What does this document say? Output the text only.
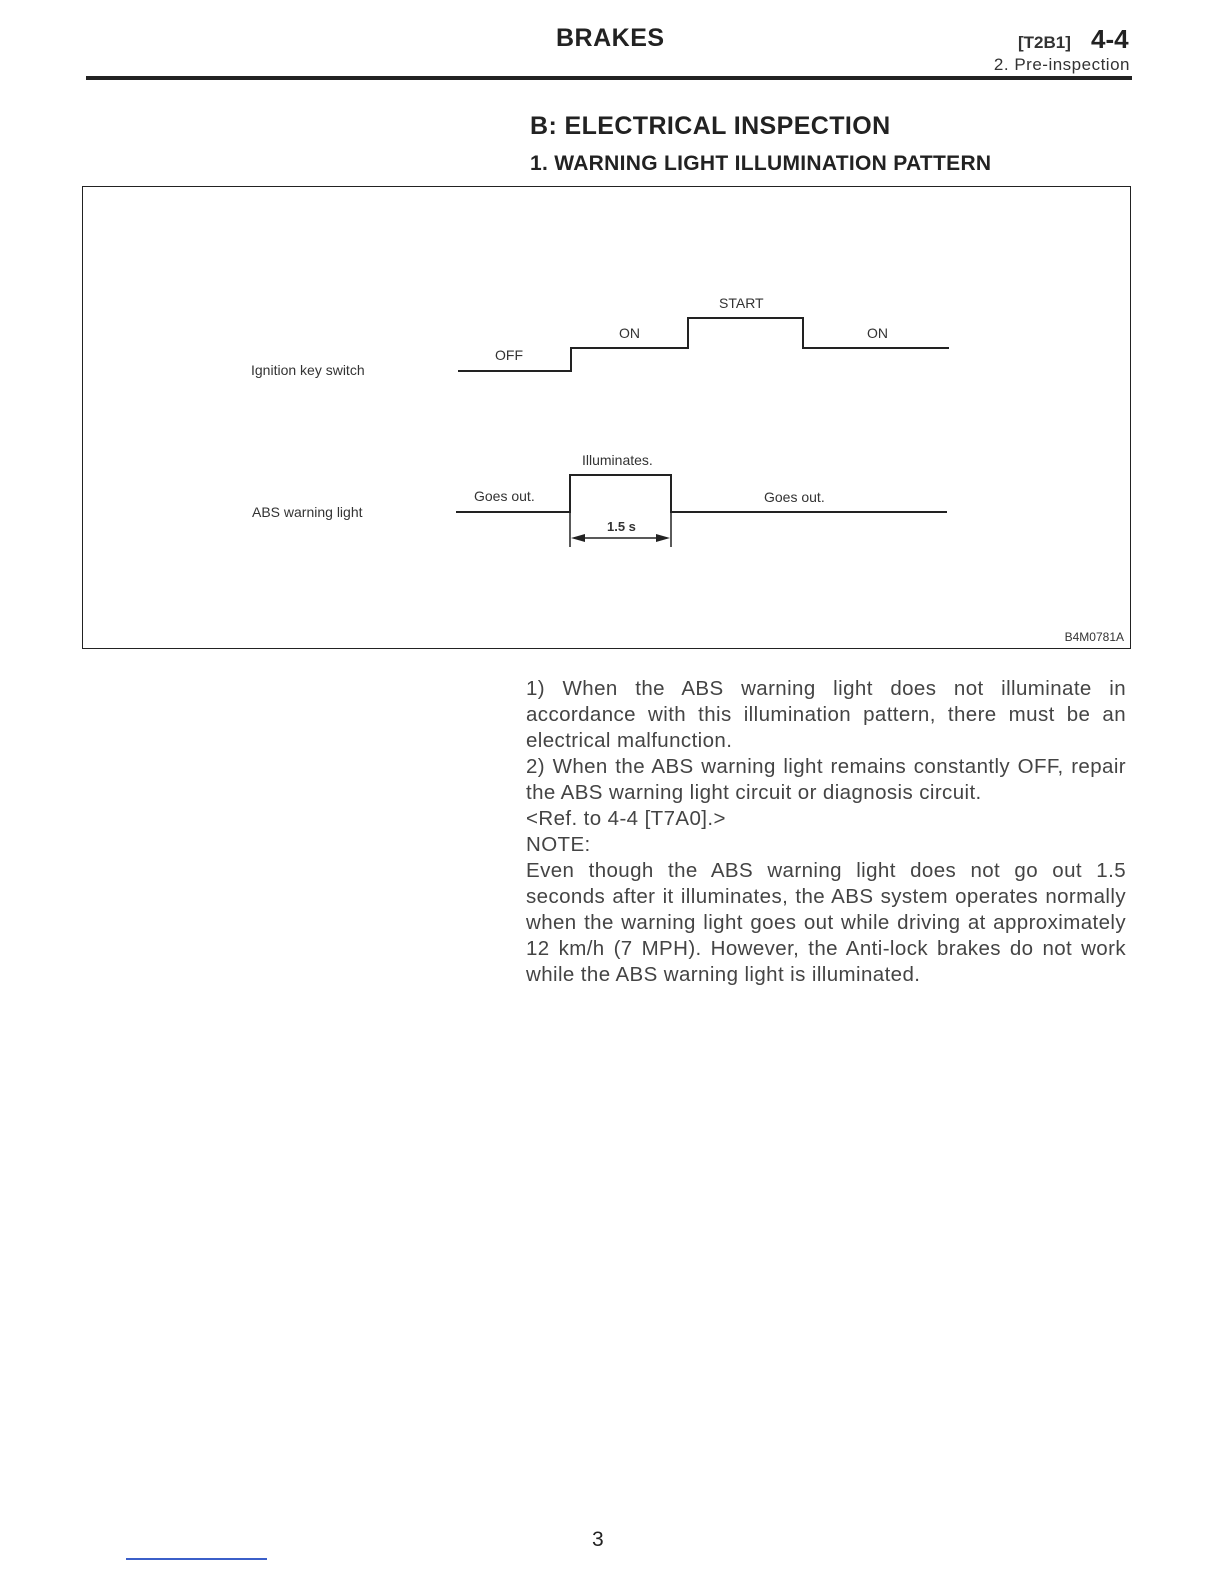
BRAKES	[T2B1] 4-4
2. Pre-inspection
B: ELECTRICAL INSPECTION
1. WARNING LIGHT ILLUMINATION PATTERN
Ignition key switch
OFF
ON
START
ON
ABS warning light
Illuminates.
Goes out.	Goes out.
1.5 s
B4M0781A

1) When the ABS warning light does not illuminate in accordance with this illumination pattern, there must be an electrical malfunction.

2) When the ABS warning light remains constantly OFF, repair the ABS warning light circuit or diagnosis circuit.

<Ref. to 4-4 [T7A0].>

NOTE:

Even though the ABS warning light does not go out 1.5 seconds after it illuminates, the ABS system operates normally when the warning light goes out while driving at approximately 12 km/h (7 MPH). However, the Anti-lock brakes do not work while the ABS warning light is illuminated.

3
